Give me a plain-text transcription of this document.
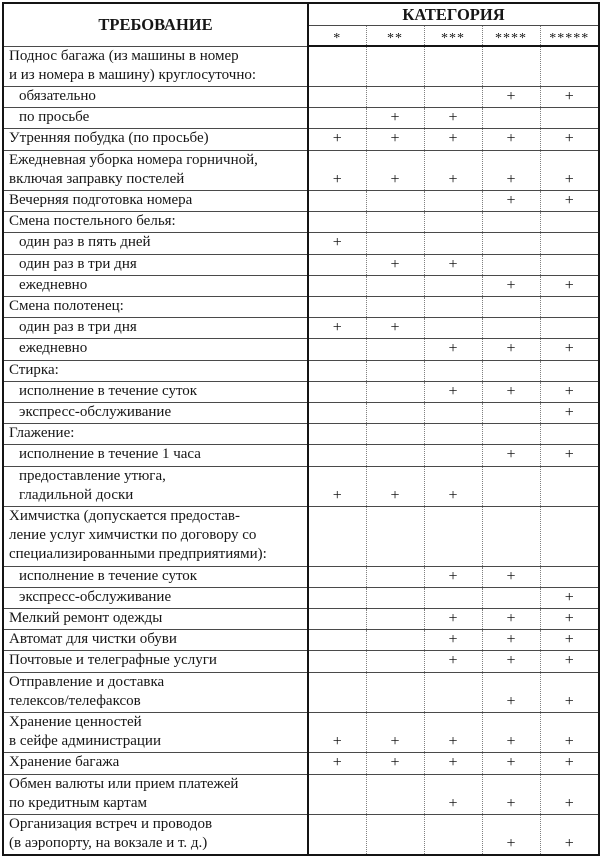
ТРЕБОВАНИЕ	КАТЕГОРИЯ				
	*	**	***	****	*****

Поднос багажа (из машины в номер
и из номера в машину) круглосуточно:					

обязательно				+	+

по просьбе		+	+		

Утренняя побудка (по просьбе)	+	+	+	+	+

Ежедневная уборка номера горничной,
включая заправку постелей	+	+	+	+	+

Вечерняя подготовка номера				+	+

Смена постельного белья:					

один раз в пять дней	+				

один раз в три дня		+	+		

ежедневно				+	+

Смена полотенец:					

один раз в три дня	+	+			

ежедневно			+	+	+

Стирка:					

исполнение в течение суток			+	+	+

экспресс-обслуживание					+

Глажение:					

исполнение в течение 1 часа				+	+

предоставление утюга,
гладильной доски	+	+	+		

Химчистка (допускается предостав-
ление услуг химчистки по договору со
специализированными предприятиями):					

исполнение в течение суток			+	+	

экспресс-обслуживание					+

Мелкий ремонт одежды			+	+	+

Автомат для чистки обуви			+	+	+

Почтовые и телеграфные услуги			+	+	+

Отправление и доставка
телексов/телефаксов				+	+

Хранение ценностей
в сейфе администрации	+	+	+	+	+

Хранение багажа	+	+	+	+	+

Обмен валюты или прием платежей
по кредитным картам			+	+	+

Организация встреч и проводов
(в аэропорту, на вокзале и т. д.)				+	+
